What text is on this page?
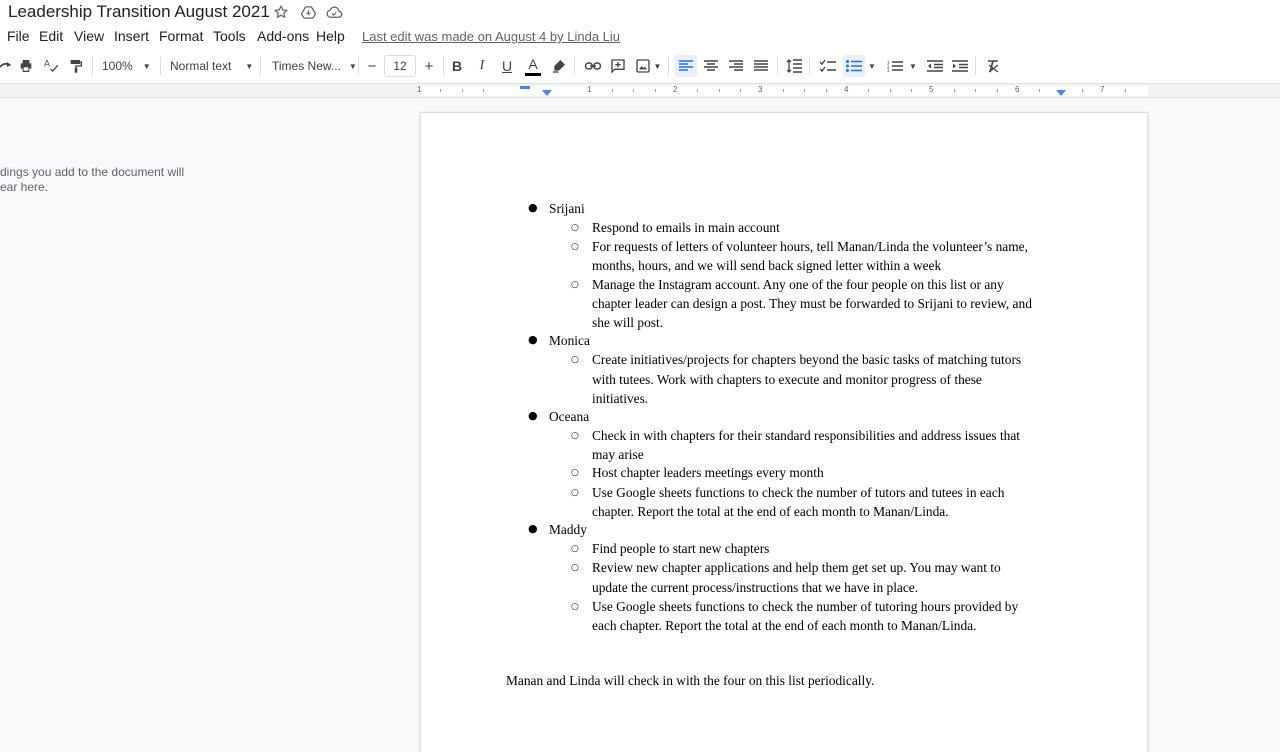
Leadership Transition August 2021
File Edit View Insert Format Tools Add-ons Help Last edit was made on August 4 by Linda Liu
A	100% ▼ Normal text ▼ Times New... ▼ −	12	+	B	I	U	A	▼	▼	1
2
3 ▼
1	1	2	3	4	5	6	7
dings you add to the document will
ear here.
● Srijani
○ Respond to emails in main account
○ For requests of letters of volunteer hours, tell Manan/Linda the volunteer’s name,
months, hours, and we will send back signed letter within a week
○ Manage the Instagram account. Any one of the four people on this list or any
chapter leader can design a post. They must be forwarded to Srijani to review, and
she will post.
● Monica
○ Create initiatives/projects for chapters beyond the basic tasks of matching tutors
with tutees. Work with chapters to execute and monitor progress of these
initiatives.
● Oceana
○ Check in with chapters for their standard responsibilities and address issues that
may arise
○ Host chapter leaders meetings every month
○ Use Google sheets functions to check the number of tutors and tutees in each
chapter. Report the total at the end of each month to Manan/Linda.
● Maddy
○ Find people to start new chapters
○ Review new chapter applications and help them get set up. You may want to
update the current process/instructions that we have in place.
○ Use Google sheets functions to check the number of tutoring hours provided by
each chapter. Report the total at the end of each month to Manan/Linda.
Manan and Linda will check in with the four on this list periodically.
